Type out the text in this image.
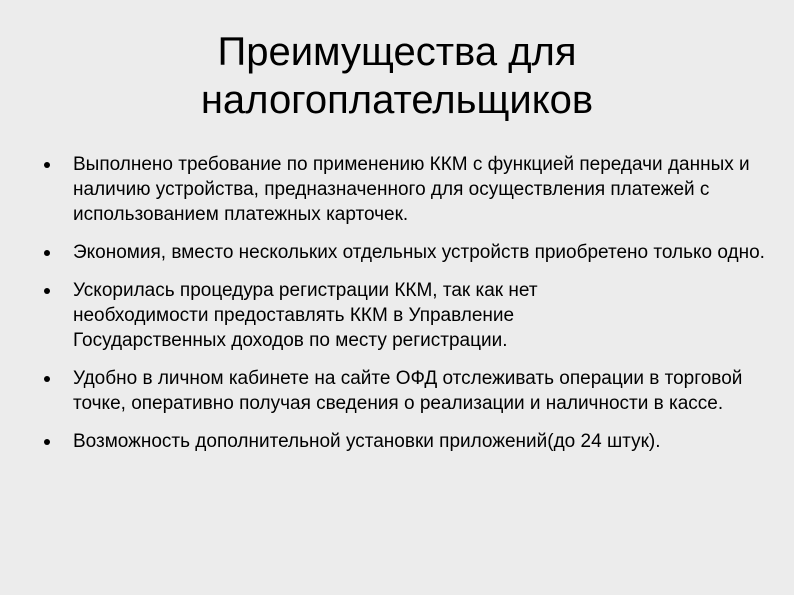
Преимущества для
налогоплательщиков
Выполнено требование по применению ККМ с функцией передачи данных и наличию устройства, предназначенного для осуществления платежей с использованием платежных карточек.
Экономия, вместо нескольких отдельных устройств приобретено только одно.
Ускорилась процедура регистрации ККМ, так как нет необходимости предоставлять ККМ в Управление Государственных доходов по месту регистрации.
Удобно в личном кабинете на сайте ОФД отслеживать операции в торговой точке, оперативно получая сведения о реализации и наличности в кассе.
Возможность дополнительной установки приложений(до 24 штук).
